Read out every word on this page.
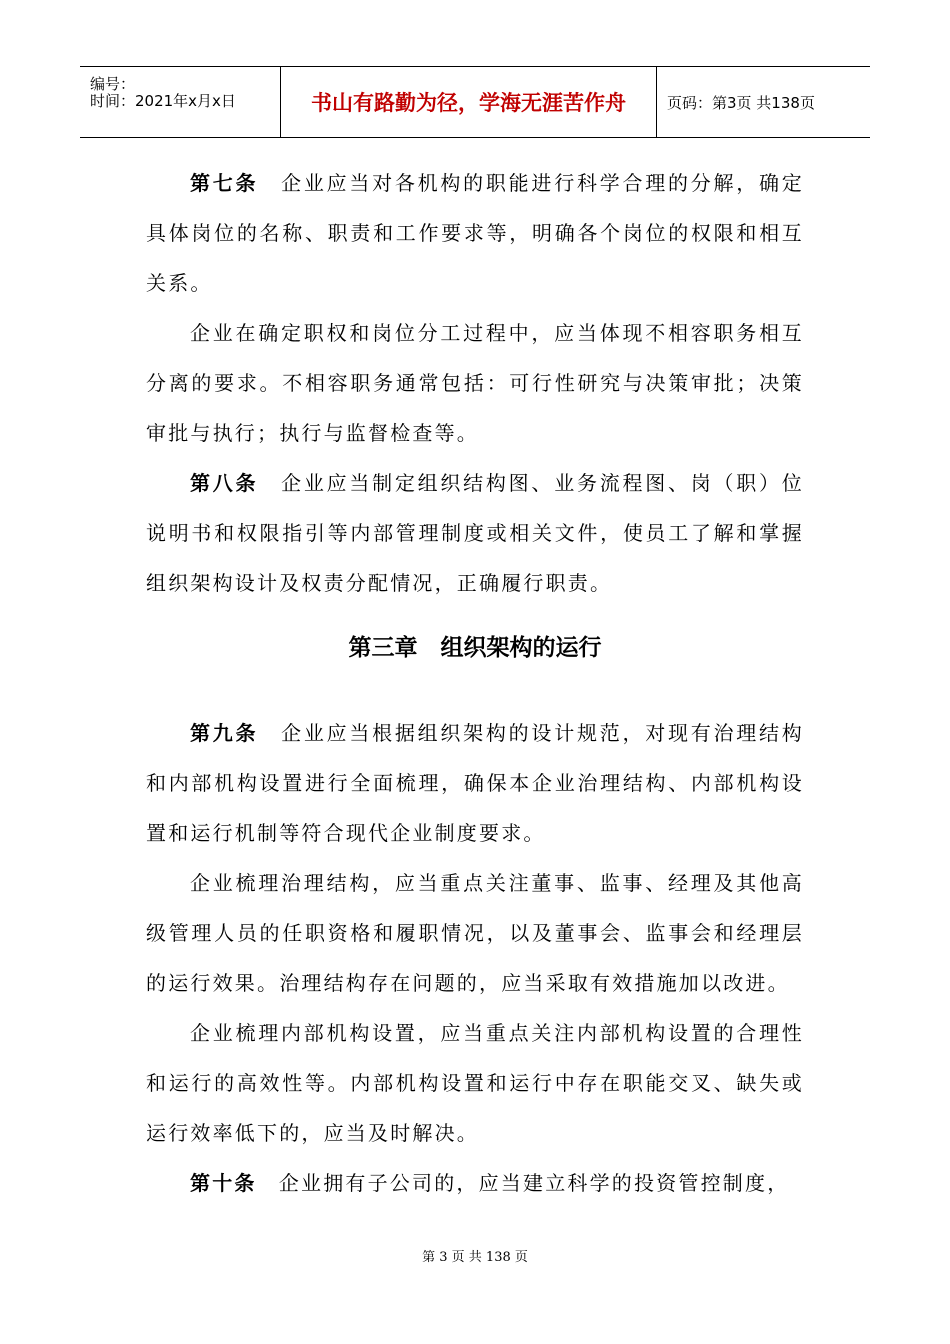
编号：
时间：2021年x月x日	书山有路勤为径，学海无涯苦作舟	页码：第3页 共138页

第七条　 企业应当对各机构的职能进行科学合理的分解，确定具体岗位的名称、职责和工作要求等，明确各个岗位的权限和相互关系。

企业在确定职权和岗位分工过程中，应当体现不相容职务相互分离的要求。不相容职务通常包括：可行性研究与决策审批；决策审批与执行；执行与监督检查等。

第八条　 企业应当制定组织结构图、业务流程图、岗（职）位说明书和权限指引等内部管理制度或相关文件，使员工了解和掌握组织架构设计及权责分配情况，正确履行职责。

第三章　组织架构的运行

第九条　 企业应当根据组织架构的设计规范，对现有治理结构和内部机构设置进行全面梳理，确保本企业治理结构、内部机构设置和运行机制等符合现代企业制度要求。

企业梳理治理结构，应当重点关注董事、监事、经理及其他高级管理人员的任职资格和履职情况，以及董事会、监事会和经理层的运行效果。治理结构存在问题的，应当采取有效措施加以改进。

企业梳理内部机构设置，应当重点关注内部机构设置的合理性和运行的高效性等。内部机构设置和运行中存在职能交叉、缺失或运行效率低下的，应当及时解决。

第十条　 企业拥有子公司的，应当建立科学的投资管控制度，

第 3 页 共 138 页
